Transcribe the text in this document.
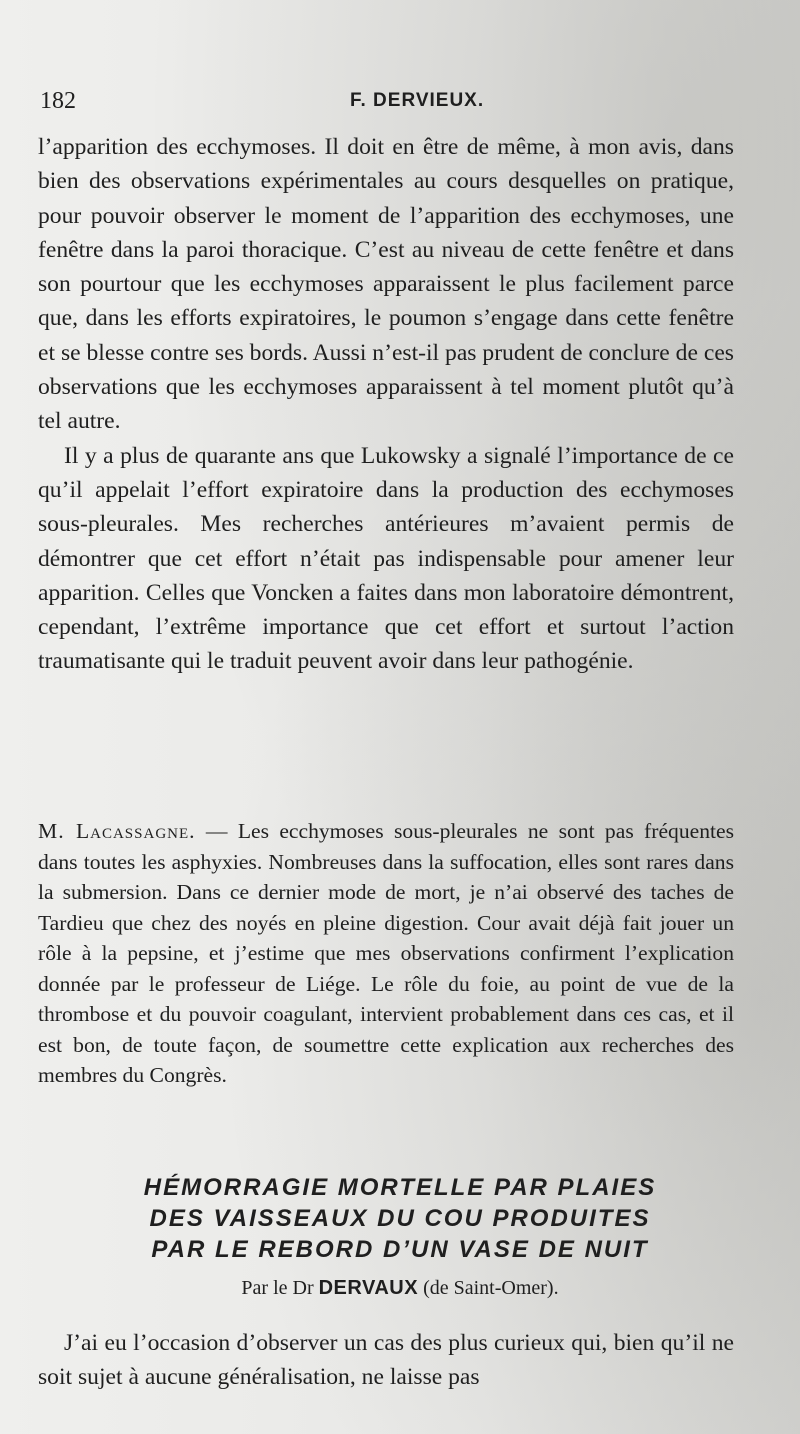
182	F. DERVIEUX.

l’apparition des ecchymoses. Il doit en être de même, à mon avis, dans bien des observations expérimentales au cours desquelles on pratique, pour pouvoir observer le moment de l’apparition des ecchymoses, une fenêtre dans la paroi thoracique. C’est au niveau de cette fenêtre et dans son pourtour que les ecchymoses apparaissent le plus facilement parce que, dans les efforts expiratoires, le poumon s’engage dans cette fenêtre et se blesse contre ses bords. Aussi n’est-il pas prudent de conclure de ces observations que les ecchymoses apparaissent à tel moment plutôt qu’à tel autre.

Il y a plus de quarante ans que Lukowsky a signalé l’importance de ce qu’il appelait l’effort expiratoire dans la production des ecchymoses sous-pleurales. Mes recherches antérieures m’avaient permis de démontrer que cet effort n’était pas indispensable pour amener leur apparition. Celles que Voncken a faites dans mon laboratoire démontrent, cependant, l’extrême importance que cet effort et surtout l’action traumatisante qui le traduit peuvent avoir dans leur pathogénie.

M. Lacassagne. — Les ecchymoses sous-pleurales ne sont pas fréquentes dans toutes les asphyxies. Nombreuses dans la suffocation, elles sont rares dans la submersion. Dans ce dernier mode de mort, je n’ai observé des taches de Tardieu que chez des noyés en pleine digestion. Cour avait déjà fait jouer un rôle à la pepsine, et j’estime que mes observations confirment l’explication donnée par le professeur de Liége. Le rôle du foie, au point de vue de la thrombose et du pouvoir coagulant, intervient probablement dans ces cas, et il est bon, de toute façon, de soumettre cette explication aux recherches des membres du Congrès.

HÉMORRAGIE MORTELLE PAR PLAIES
DES VAISSEAUX DU COU PRODUITES
PAR LE REBORD D’UN VASE DE NUIT
Par le Dr DERVAUX (de Saint-Omer).

J’ai eu l’occasion d’observer un cas des plus curieux qui, bien qu’il ne soit sujet à aucune généralisation, ne laisse pas
